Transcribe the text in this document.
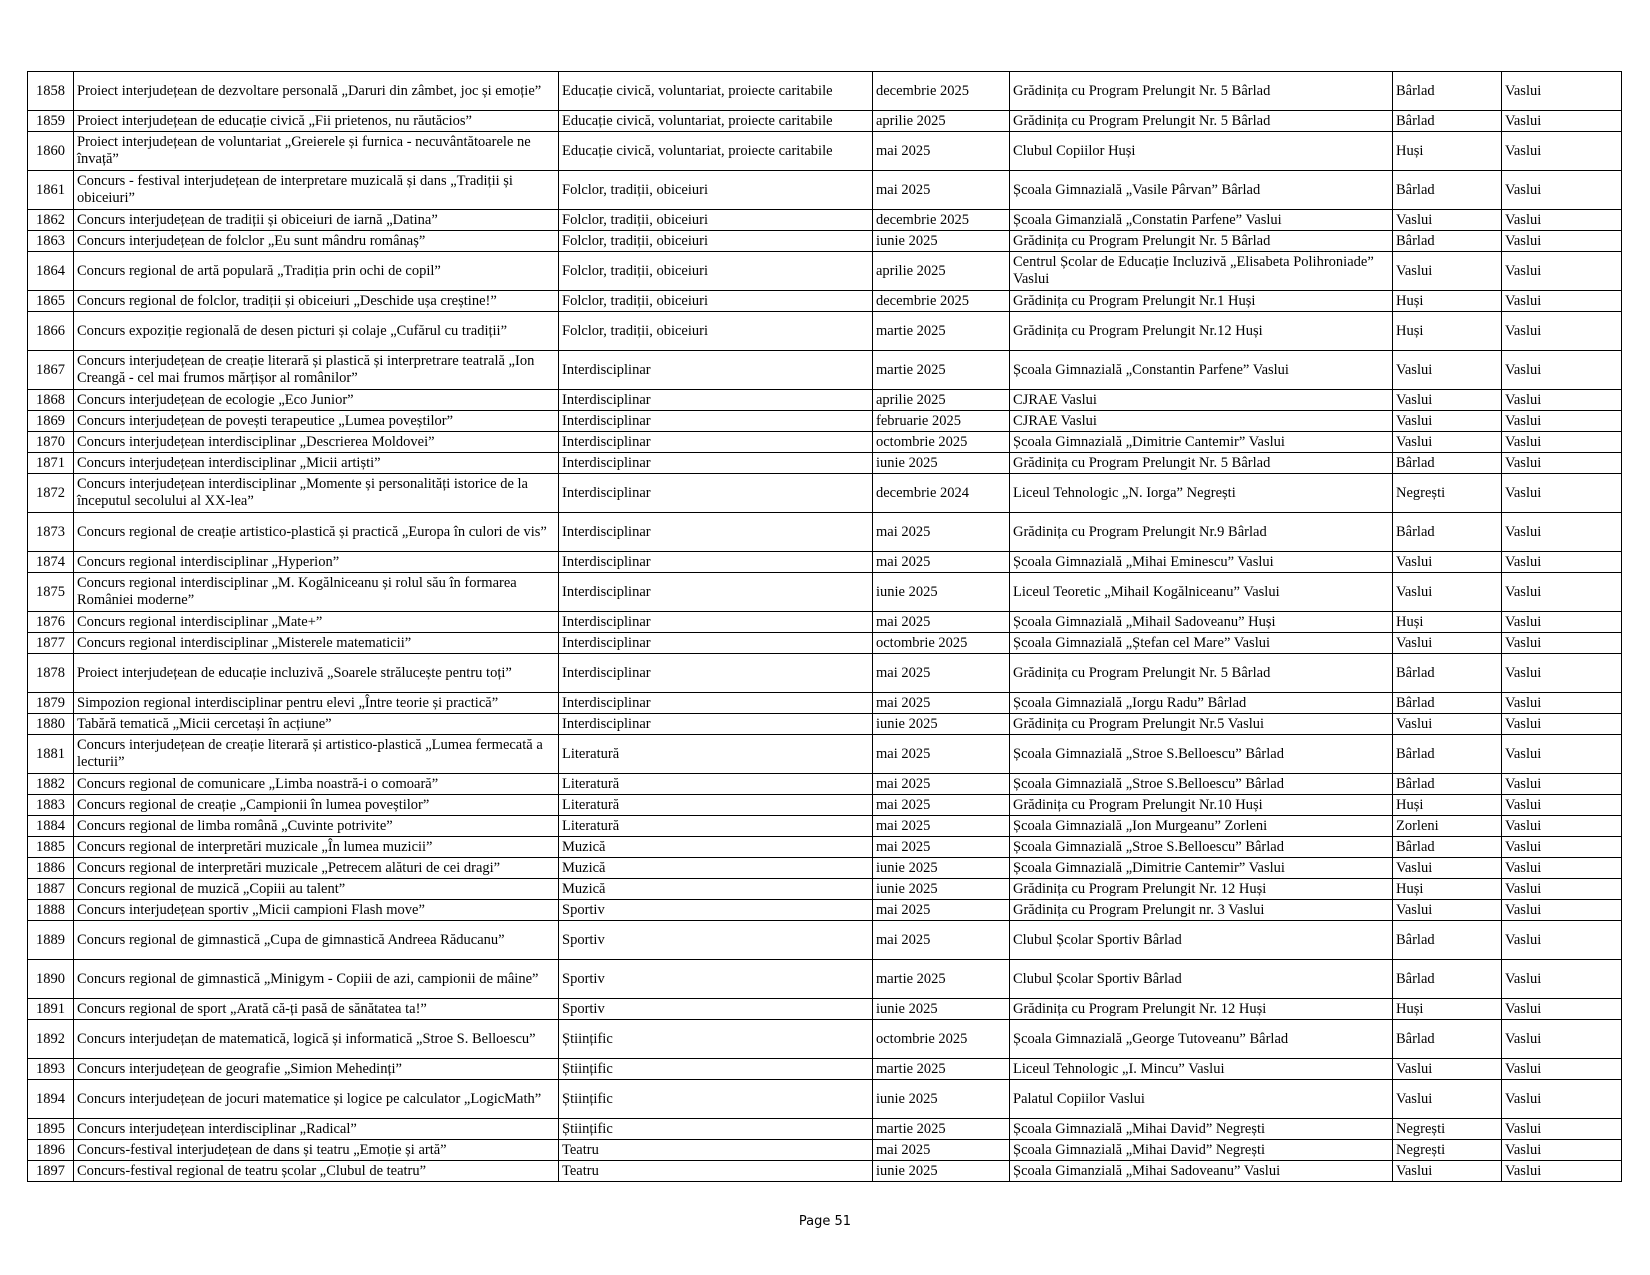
1858	Proiect interjudețean de dezvoltare personală „Daruri din zâmbet, joc și emoție”	Educație civică, voluntariat, proiecte caritabile	decembrie 2025	Grădinița cu Program Prelungit Nr. 5 Bârlad	Bârlad	Vaslui
1859	Proiect interjudețean de educație civică „Fii prietenos, nu răutăcios”	Educație civică, voluntariat, proiecte caritabile	aprilie 2025	Grădinița cu Program Prelungit Nr. 5 Bârlad	Bârlad	Vaslui
1860	Proiect interjudețean de voluntariat „Greierele și furnica - necuvântătoarele ne învață”	Educație civică, voluntariat, proiecte caritabile	mai 2025	Clubul Copiilor Huși	Huși	Vaslui
1861	Concurs - festival interjudețean de interpretare muzicală și dans „Tradiții și obiceiuri”	Folclor, tradiții, obiceiuri	mai 2025	Școala Gimnazială „Vasile Pârvan” Bârlad	Bârlad	Vaslui
1862	Concurs interjudețean de tradiții și obiceiuri de iarnă „Datina”	Folclor, tradiții, obiceiuri	decembrie 2025	Școala Gimanzială „Constatin Parfene” Vaslui	Vaslui	Vaslui
1863	Concurs interjudețean de folclor „Eu sunt mândru românaș”	Folclor, tradiții, obiceiuri	iunie 2025	Grădinița cu Program Prelungit Nr. 5 Bârlad	Bârlad	Vaslui
1864	Concurs regional de artă populară „Tradiția prin ochi de copil”	Folclor, tradiții, obiceiuri	aprilie 2025	Centrul Școlar de Educație Incluzivă „Elisabeta Polihroniade” Vaslui	Vaslui	Vaslui
1865	Concurs regional de folclor, tradiții și obiceiuri „Deschide ușa creștine!”	Folclor, tradiții, obiceiuri	decembrie 2025	Grădinița cu Program Prelungit Nr.1 Huși	Huși	Vaslui
1866	Concurs expoziție regională de desen picturi și colaje „Cufărul cu tradiții”	Folclor, tradiții, obiceiuri	martie 2025	Grădinița cu Program Prelungit Nr.12 Huși	Huși	Vaslui
1867	Concurs interjudețean de creație literară și plastică și interpretrare teatrală „Ion Creangă - cel mai frumos mărțișor al românilor”	Interdisciplinar	martie 2025	Școala Gimnazială „Constantin Parfene” Vaslui	Vaslui	Vaslui
1868	Concurs interjudețean de ecologie „Eco Junior”	Interdisciplinar	aprilie 2025	CJRAE Vaslui	Vaslui	Vaslui
1869	Concurs interjudețean de povești terapeutice „Lumea poveștilor”	Interdisciplinar	februarie 2025	CJRAE Vaslui	Vaslui	Vaslui
1870	Concurs interjudețean interdisciplinar „Descrierea Moldovei”	Interdisciplinar	octombrie 2025	Școala Gimnazială „Dimitrie Cantemir” Vaslui	Vaslui	Vaslui
1871	Concurs interjudețean interdisciplinar „Micii artiști”	Interdisciplinar	iunie 2025	Grădinița cu Program Prelungit Nr. 5 Bârlad	Bârlad	Vaslui
1872	Concurs interjudețean interdisciplinar „Momente și personalități istorice de la începutul secolului al XX-lea”	Interdisciplinar	decembrie 2024	Liceul Tehnologic „N. Iorga” Negrești	Negrești	Vaslui
1873	Concurs regional de creație artistico-plastică și practică „Europa în culori de vis”	Interdisciplinar	mai 2025	Grădinița cu Program Prelungit Nr.9 Bârlad	Bârlad	Vaslui
1874	Concurs regional interdisciplinar „Hyperion”	Interdisciplinar	mai 2025	Școala Gimnazială „Mihai Eminescu” Vaslui	Vaslui	Vaslui
1875	Concurs regional interdisciplinar „M. Kogălniceanu și rolul său în formarea României moderne”	Interdisciplinar	iunie 2025	Liceul Teoretic „Mihail Kogălniceanu” Vaslui	Vaslui	Vaslui
1876	Concurs regional interdisciplinar „Mate+”	Interdisciplinar	mai 2025	Școala Gimnazială „Mihail Sadoveanu” Huși	Huși	Vaslui
1877	Concurs regional interdisciplinar „Misterele matematicii”	Interdisciplinar	octombrie 2025	Școala Gimnazială „Ștefan cel Mare” Vaslui	Vaslui	Vaslui
1878	Proiect interjudețean de educație incluzivă „Soarele strălucește pentru toți”	Interdisciplinar	mai 2025	Grădinița cu Program Prelungit Nr. 5 Bârlad	Bârlad	Vaslui
1879	Simpozion regional interdisciplinar pentru elevi „Între teorie și practică”	Interdisciplinar	mai 2025	Școala Gimnazială „Iorgu Radu” Bârlad	Bârlad	Vaslui
1880	Tabără tematică „Micii cercetași în acțiune”	Interdisciplinar	iunie 2025	Grădinița cu Program Prelungit Nr.5 Vaslui	Vaslui	Vaslui
1881	Concurs interjudețean de creație literară și artistico-plastică „Lumea fermecată a lecturii”	Literatură	mai 2025	Școala Gimnazială „Stroe S.Belloescu” Bârlad	Bârlad	Vaslui
1882	Concurs regional de comunicare „Limba noastră-i o comoară”	Literatură	mai 2025	Școala Gimnazială „Stroe S.Belloescu” Bârlad	Bârlad	Vaslui
1883	Concurs regional de creație „Campionii în lumea poveștilor”	Literatură	mai 2025	Grădinița cu Program Prelungit Nr.10 Huși	Huși	Vaslui
1884	Concurs regional de limba română „Cuvinte potrivite”	Literatură	mai 2025	Școala Gimnazială „Ion Murgeanu” Zorleni	Zorleni	Vaslui
1885	Concurs regional de interpretări muzicale „În lumea muzicii”	Muzică	mai 2025	Școala Gimnazială „Stroe S.Belloescu” Bârlad	Bârlad	Vaslui
1886	Concurs regional de interpretări muzicale „Petrecem alături de cei dragi”	Muzică	iunie 2025	Școala Gimnazială „Dimitrie Cantemir” Vaslui	Vaslui	Vaslui
1887	Concurs regional de muzică „Copiii au talent”	Muzică	iunie 2025	Grădinița cu Program Prelungit Nr. 12 Huși	Huși	Vaslui
1888	Concurs interjudețean sportiv „Micii campioni Flash move”	Sportiv	mai 2025	Grădinița cu Program Prelungit nr. 3 Vaslui	Vaslui	Vaslui
1889	Concurs regional de gimnastică „Cupa de gimnastică Andreea Răducanu”	Sportiv	mai 2025	Clubul Școlar Sportiv Bârlad	Bârlad	Vaslui
1890	Concurs regional de gimnastică „Minigym - Copiii de azi, campionii de mâine”	Sportiv	martie 2025	Clubul Școlar Sportiv Bârlad	Bârlad	Vaslui
1891	Concurs regional de sport „Arată că-ți pasă de sănătatea ta!”	Sportiv	iunie 2025	Grădinița cu Program Prelungit Nr. 12 Huși	Huși	Vaslui
1892	Concurs interjudețan de matematică, logică și informatică „Stroe S. Belloescu”	Științific	octombrie 2025	Școala Gimnazială „George Tutoveanu” Bârlad	Bârlad	Vaslui
1893	Concurs interjudețean de geografie „Simion Mehedinți”	Științific	martie 2025	Liceul Tehnologic „I. Mincu” Vaslui	Vaslui	Vaslui
1894	Concurs interjudețean de jocuri matematice și logice pe calculator „LogicMath”	Științific	iunie 2025	Palatul Copiilor Vaslui	Vaslui	Vaslui
1895	Concurs interjudețean interdisciplinar „Radical”	Științific	martie 2025	Școala Gimnazială „Mihai David” Negrești	Negrești	Vaslui
1896	Concurs-festival interjudețean de dans și teatru „Emoție și artă”	Teatru	mai 2025	Școala Gimnazială „Mihai David” Negrești	Negrești	Vaslui
1897	Concurs-festival regional de teatru școlar „Clubul de teatru”	Teatru	iunie 2025	Școala Gimanzială „Mihai Sadoveanu” Vaslui	Vaslui	Vaslui
Page 51
